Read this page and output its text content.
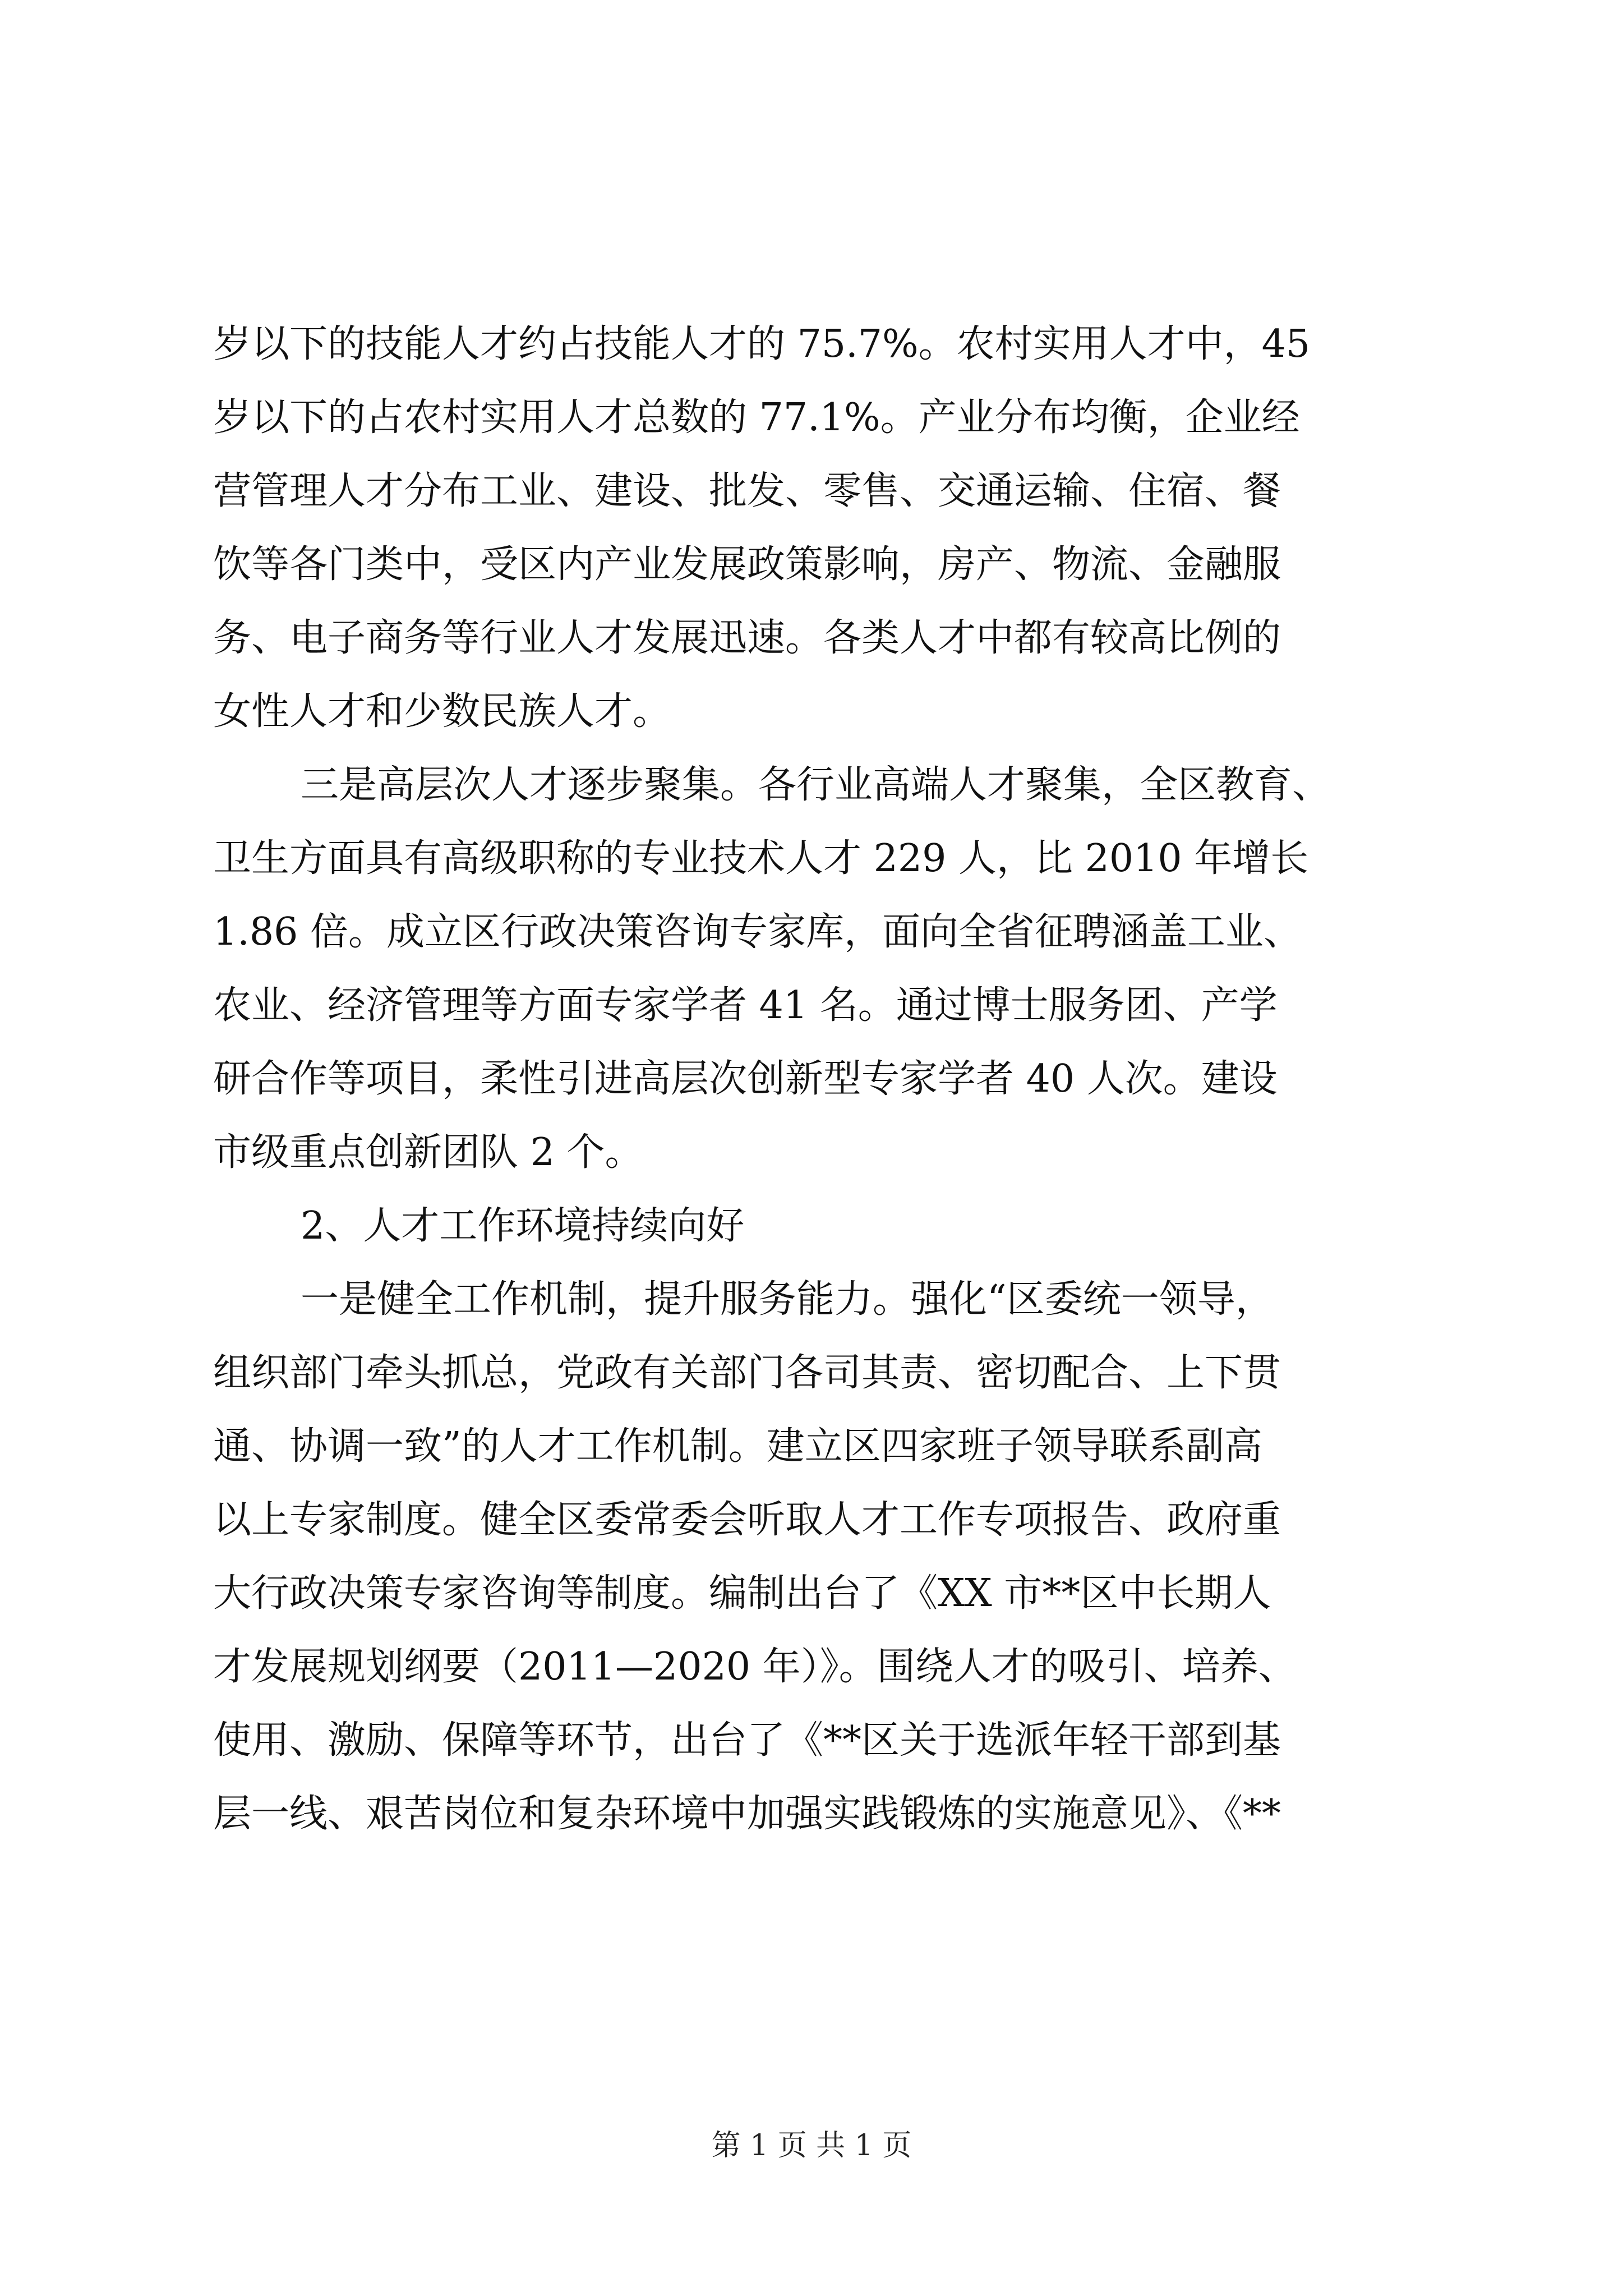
岁以下的技能人才约占技能人才的 75.7%。农村实用人才中，45
岁以下的占农村实用人才总数的 77.1%。产业分布均衡，企业经
营管理人才分布工业、建设、批发、零售、交通运输、住宿、餐
饮等各门类中，受区内产业发展政策影响，房产、物流、金融服
务、电子商务等行业人才发展迅速。各类人才中都有较高比例的
女性人才和少数民族人才。
三是高层次人才逐步聚集。各行业高端人才聚集，全区教育、
卫生方面具有高级职称的专业技术人才 229 人，比 2010 年增长
1.86 倍。成立区行政决策咨询专家库，面向全省征聘涵盖工业、
农业、经济管理等方面专家学者 41 名。通过博士服务团、产学
研合作等项目，柔性引进高层次创新型专家学者 40 人次。建设
市级重点创新团队 2 个。
2、人才工作环境持续向好
一是健全工作机制，提升服务能力。强化“区委统一领导，
组织部门牵头抓总，党政有关部门各司其责、密切配合、上下贯
通、协调一致”的人才工作机制。建立区四家班子领导联系副高
以上专家制度。健全区委常委会听取人才工作专项报告、政府重
大行政决策专家咨询等制度。编制出台了《XX 市**区中长期人
才发展规划纲要（2011—2020 年）》。围绕人才的吸引、培养、
使用、激励、保障等环节，出台了《**区关于选派年轻干部到基
层一线、艰苦岗位和复杂环境中加强实践锻炼的实施意见》、《**
第 1 页 共 1 页
